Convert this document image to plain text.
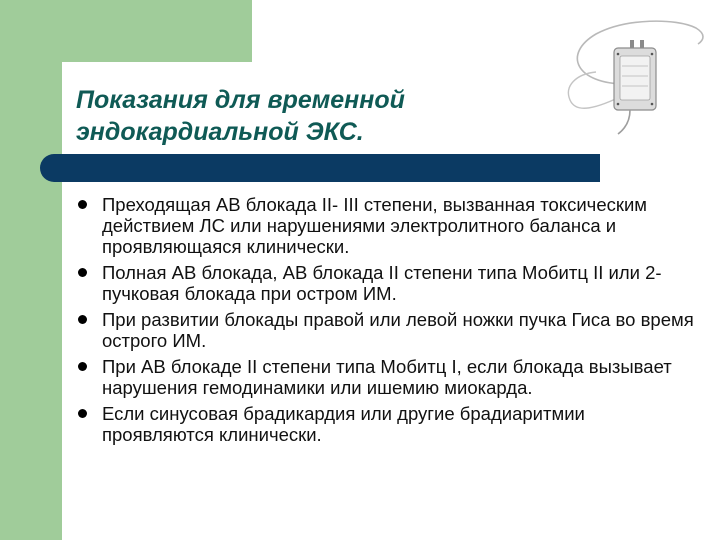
Показания для временной
эндокардиальной ЭКС.
Преходящая АВ блокада II- III степени, вызванная токсическим действием ЛС или нарушениями электролитного баланса и проявляющаяся клинически.
Полная АВ блокада, АВ блокада II степени типа Мобитц II или 2-пучковая блокада при остром ИМ.
При развитии блокады правой или левой ножки пучка Гиса во время острого ИМ.
При АВ блокаде II степени типа Мобитц I, если блокада вызывает нарушения гемодинамики или ишемию миокарда.
Если синусовая брадикардия или другие брадиаритмии проявляются клинически.
